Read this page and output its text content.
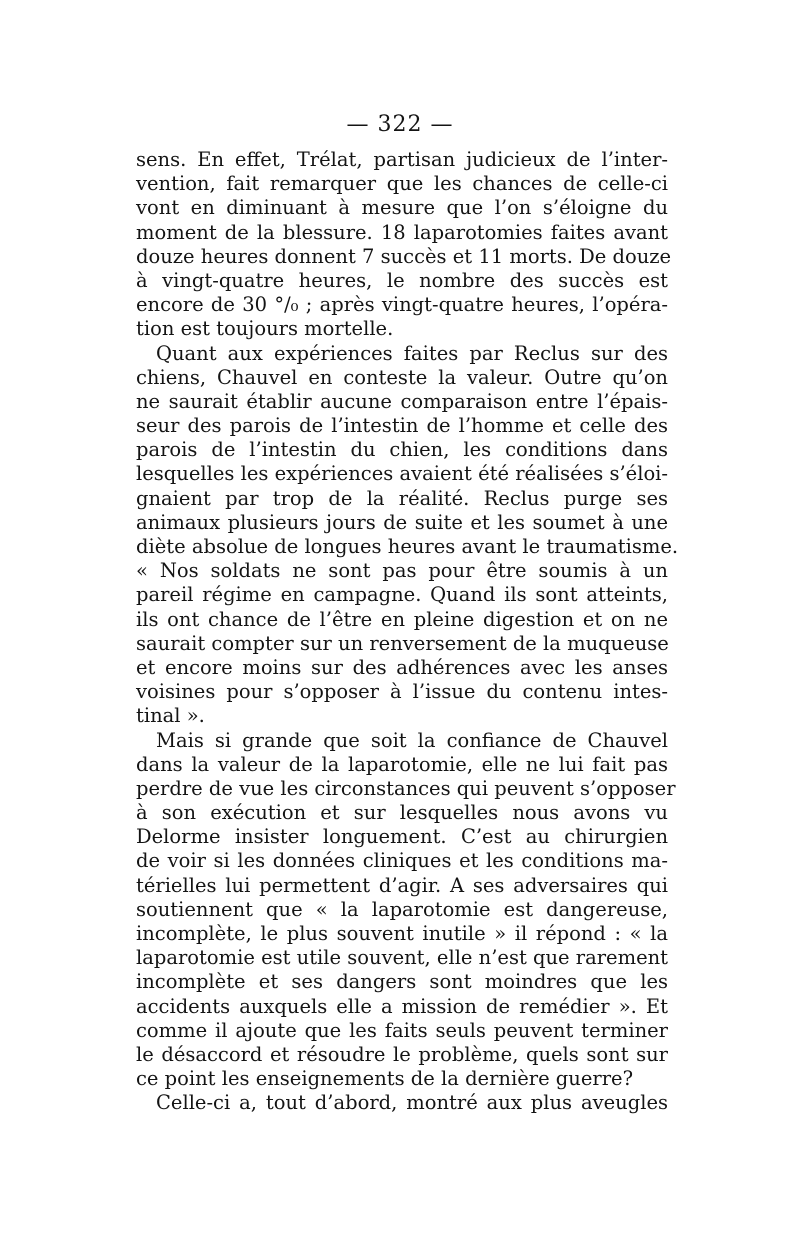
— 322 —
sens. En effet, Trélat, partisan judicieux de l’inter-
vention, fait remarquer que les chances de celle-ci
vont en diminuant à mesure que l’on s’éloigne du
moment de la blessure. 18 laparotomies faites avant
douze heures donnent 7 succès et 11 morts. De douze
à vingt-quatre heures, le nombre des succès est
encore de 30 °/₀ ; après vingt-quatre heures, l’opéra-
tion est toujours mortelle.
Quant aux expériences faites par Reclus sur des
chiens, Chauvel en conteste la valeur. Outre qu’on
ne saurait établir aucune comparaison entre l’épais-
seur des parois de l’intestin de l’homme et celle des
parois de l’intestin du chien, les conditions dans
lesquelles les expériences avaient été réalisées s’éloi-
gnaient par trop de la réalité. Reclus purge ses
animaux plusieurs jours de suite et les soumet à une
diète absolue de longues heures avant le traumatisme.
« Nos soldats ne sont pas pour être soumis à un
pareil régime en campagne. Quand ils sont atteints,
ils ont chance de l’être en pleine digestion et on ne
saurait compter sur un renversement de la muqueuse
et encore moins sur des adhérences avec les anses
voisines pour s’opposer à l’issue du contenu intes-
tinal ».
Mais si grande que soit la confiance de Chauvel
dans la valeur de la laparotomie, elle ne lui fait pas
perdre de vue les circonstances qui peuvent s’opposer
à son exécution et sur lesquelles nous avons vu
Delorme insister longuement. C’est au chirurgien
de voir si les données cliniques et les conditions ma-
térielles lui permettent d’agir. A ses adversaires qui
soutiennent que « la laparotomie est dangereuse,
incomplète, le plus souvent inutile » il répond : « la
laparotomie est utile souvent, elle n’est que rarement
incomplète et ses dangers sont moindres que les
accidents auxquels elle a mission de remédier ». Et
comme il ajoute que les faits seuls peuvent terminer
le désaccord et résoudre le problème, quels sont sur
ce point les enseignements de la dernière guerre?
Celle-ci a, tout d’abord, montré aux plus aveugles
